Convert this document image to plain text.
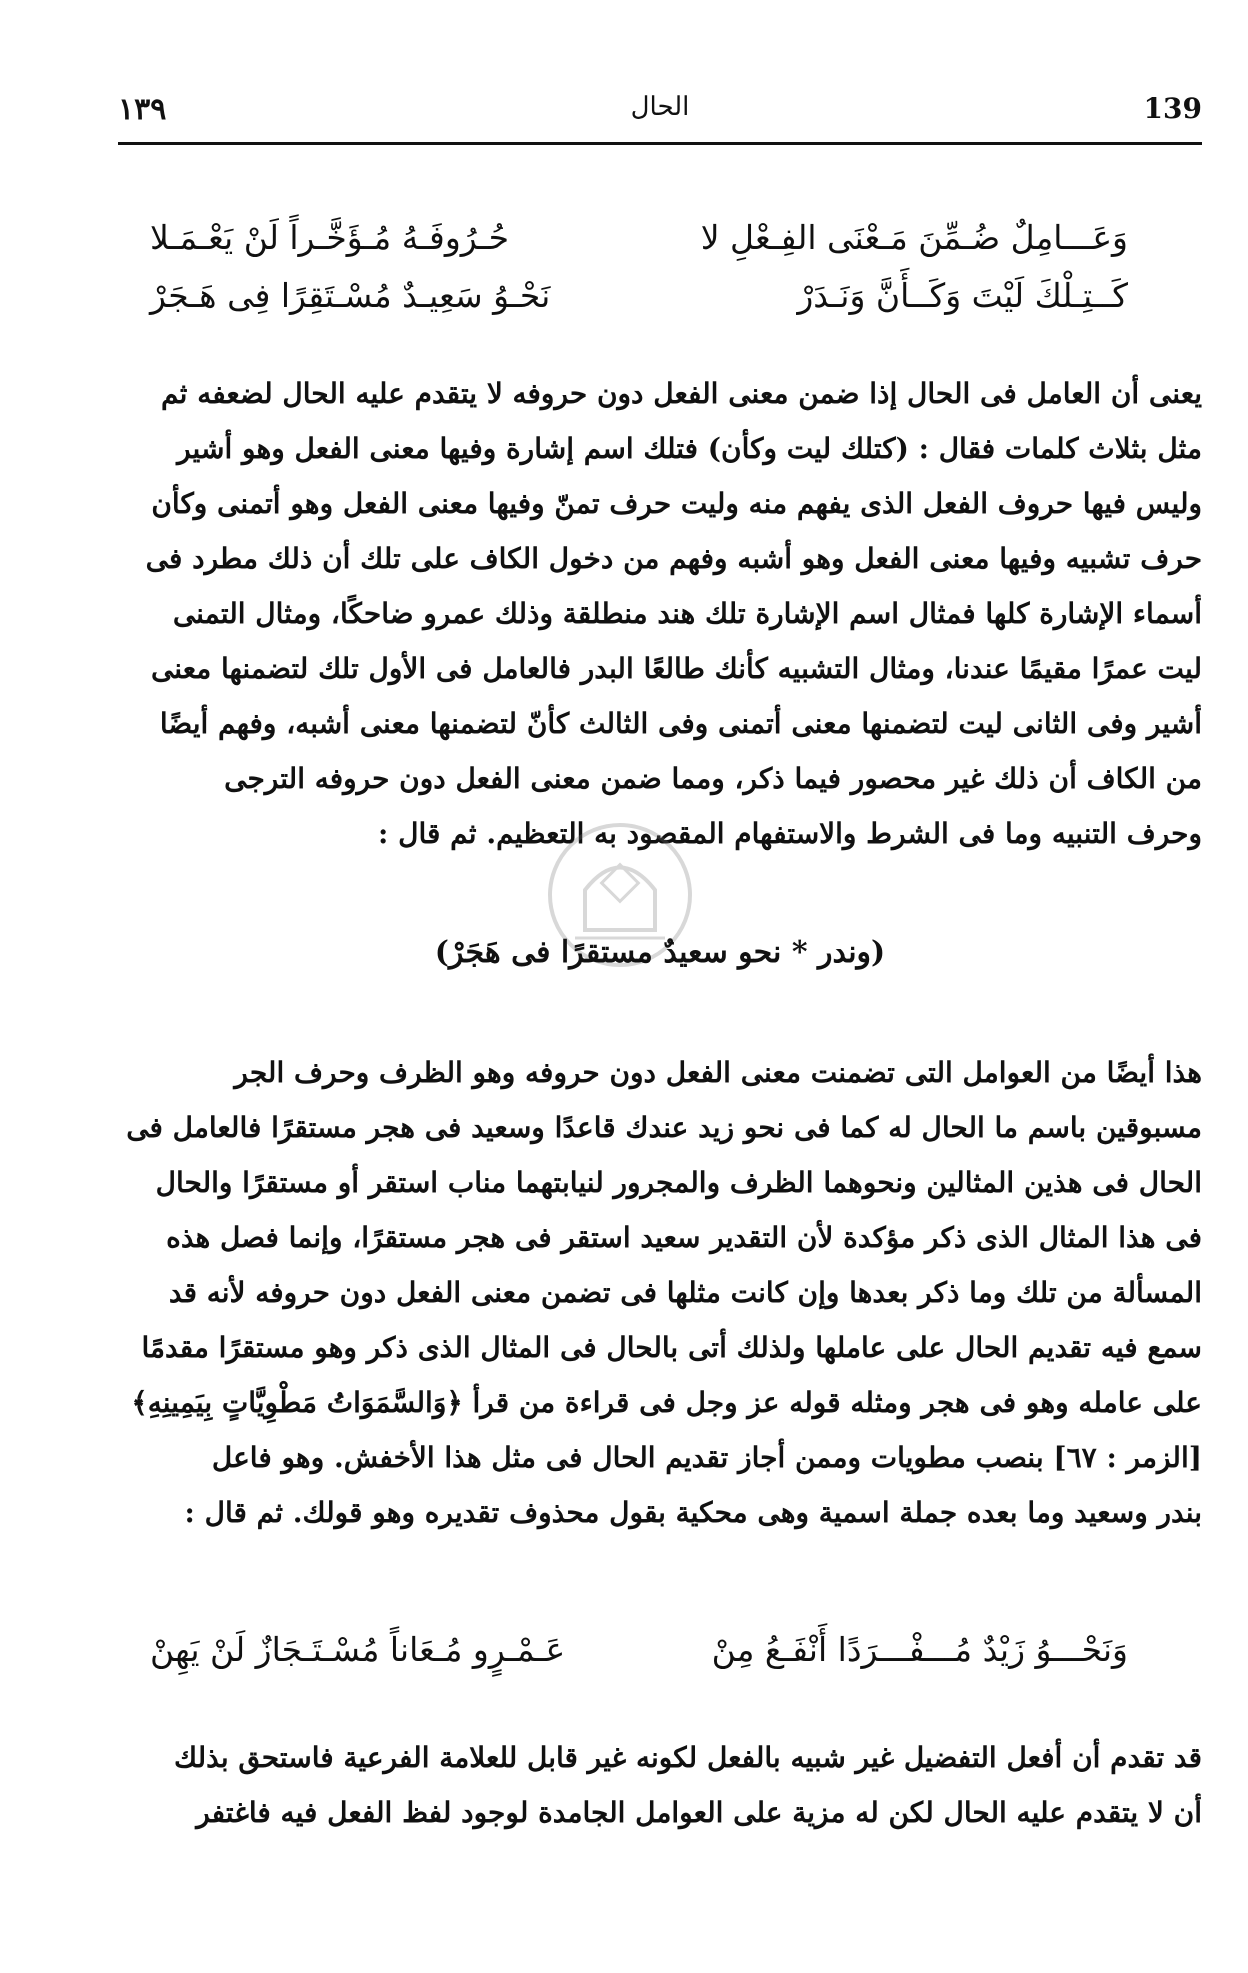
139
الحال
١٣٩
وَعَـــامِلٌ ضُـمِّنَ مَـعْنَى الفِـعْلِ لا
حُـرُوفَـهُ مُـؤَخَّـراً لَنْ يَعْـمَـلا
كَــتِـلْكَ لَيْتَ وَكَــأَنَّ وَنَـدَرْ
نَحْـوُ سَعِيـدٌ مُسْـتَقِرًا فِى هَـجَرْ
يعنى أن العامل فى الحال إذا ضمن معنى الفعل دون حروفه لا يتقدم عليه الحال لضعفه ثم
مثل بثلاث كلمات فقال : (كتلك ليت وكأن) فتلك اسم إشارة وفيها معنى الفعل وهو أشير
وليس فيها حروف الفعل الذى يفهم منه وليت حرف تمنّ وفيها معنى الفعل وهو أتمنى وكأن
حرف تشبيه وفيها معنى الفعل وهو أشبه وفهم من دخول الكاف على تلك أن ذلك مطرد فى
أسماء الإشارة كلها فمثال اسم الإشارة تلك هند منطلقة وذلك عمرو ضاحكًا، ومثال التمنى
ليت عمرًا مقيمًا عندنا، ومثال التشبيه كأنك طالعًا البدر فالعامل فى الأول تلك لتضمنها معنى
أشير وفى الثانى ليت لتضمنها معنى أتمنى وفى الثالث كأنّ لتضمنها معنى أشبه، وفهم أيضًا
من الكاف أن ذلك غير محصور فيما ذكر، ومما ضمن معنى الفعل دون حروفه الترجى
وحرف التنبيه وما فى الشرط والاستفهام المقصود به التعظيم. ثم قال :
(وندر * نحو سعيدٌ مستقرًا فى هَجَرْ)
هذا أيضًا من العوامل التى تضمنت معنى الفعل دون حروفه وهو الظرف وحرف الجر
مسبوقين باسم ما الحال له كما فى نحو زيد عندك قاعدًا وسعيد فى هجر مستقرًا فالعامل فى
الحال فى هذين المثالين ونحوهما الظرف والمجرور لنيابتهما مناب استقر أو مستقرًا والحال
فى هذا المثال الذى ذكر مؤكدة لأن التقدير سعيد استقر فى هجر مستقرًا، وإنما فصل هذه
المسألة من تلك وما ذكر بعدها وإن كانت مثلها فى تضمن معنى الفعل دون حروفه لأنه قد
سمع فيه تقديم الحال على عاملها ولذلك أتى بالحال فى المثال الذى ذكر وهو مستقرًا مقدمًا
على عامله وهو فى هجر ومثله قوله عز وجل فى قراءة من قرأ ﴿وَالسَّمَوَاتُ مَطْوِيَّاتٍ بِيَمِينِهِ﴾
[الزمر : ٦٧] بنصب مطويات وممن أجاز تقديم الحال فى مثل هذا الأخفش. وهو فاعل
بندر وسعيد وما بعده جملة اسمية وهى محكية بقول محذوف تقديره وهو قولك. ثم قال :
وَنَحْـــوُ زَيْدٌ مُـــفْـــرَدًا أَنْفَـعُ مِنْ
عَـمْـرٍو مُـعَاناً مُسْـتَـجَازٌ لَنْ يَهِنْ
قد تقدم أن أفعل التفضيل غير شبيه بالفعل لكونه غير قابل للعلامة الفرعية فاستحق بذلك
أن لا يتقدم عليه الحال لكن له مزية على العوامل الجامدة لوجود لفظ الفعل فيه فاغتفر
